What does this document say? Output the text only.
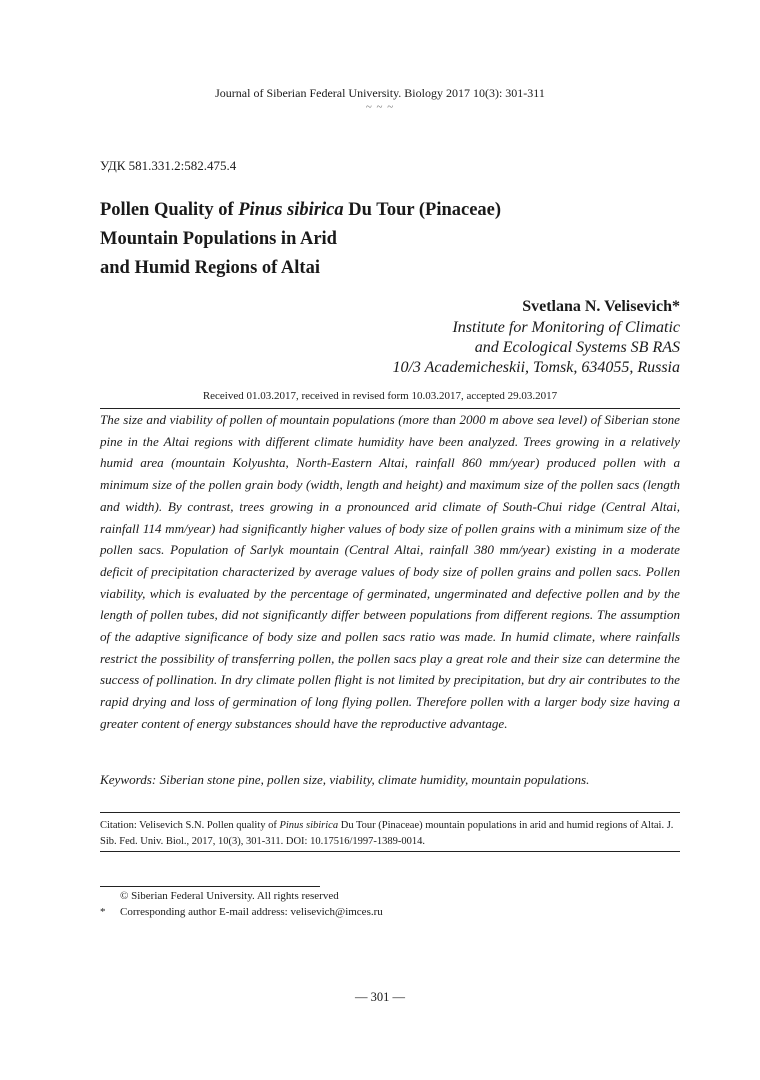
Journal of Siberian Federal University. Biology 2017 10(3): 301-311
~ ~ ~
УДК 581.331.2:582.475.4
Pollen Quality of Pinus sibirica Du Tour (Pinaceae)
Mountain Populations in Arid
and Humid Regions of Altai
Svetlana N. Velisevich*
Institute for Monitoring of Climatic
and Ecological Systems SB RAS
10/3 Academicheskii, Tomsk, 634055, Russia
Received 01.03.2017, received in revised form 10.03.2017, accepted 29.03.2017

The size and viability of pollen of mountain populations (more than 2000 m above sea level) of Siberian stone pine in the Altai regions with different climate humidity have been analyzed. Trees growing in a relatively humid area (mountain Kolyushta, North-Eastern Altai, rainfall 860 mm/year) produced pollen with a minimum size of the pollen grain body (width, length and height) and maximum size of the pollen sacs (length and width). By contrast, trees growing in a pronounced arid climate of South-Chui ridge (Central Altai, rainfall 114 mm/year) had significantly higher values of body size of pollen grains with a minimum size of the pollen sacs. Population of Sarlyk mountain (Central Altai, rainfall 380 mm/year) existing in a moderate deficit of precipitation characterized by average values of body size of pollen grains and pollen sacs. Pollen viability, which is evaluated by the percentage of germinated, ungerminated and defective pollen and by the length of pollen tubes, did not significantly differ between populations from different regions. The assumption of the adaptive significance of body size and pollen sacs ratio was made. In humid climate, where rainfalls restrict the possibility of transferring pollen, the pollen sacs play a great role and their size can determine the success of pollination. In dry climate pollen flight is not limited by precipitation, but dry air contributes to the rapid drying and loss of germination of long flying pollen. Therefore pollen with a larger body size having a greater content of energy substances should have the reproductive advantage.

Keywords: Siberian stone pine, pollen size, viability, climate humidity, mountain populations.

Citation: Velisevich S.N. Pollen quality of Pinus sibirica Du Tour (Pinaceae) mountain populations in arid and humid regions of Altai. J. Sib. Fed. Univ. Biol., 2017, 10(3), 301-311. DOI: 10.17516/1997-1389-0014.

© Siberian Federal University. All rights reserved
* Corresponding author E-mail address: velisevich@imces.ru
— 301 —
